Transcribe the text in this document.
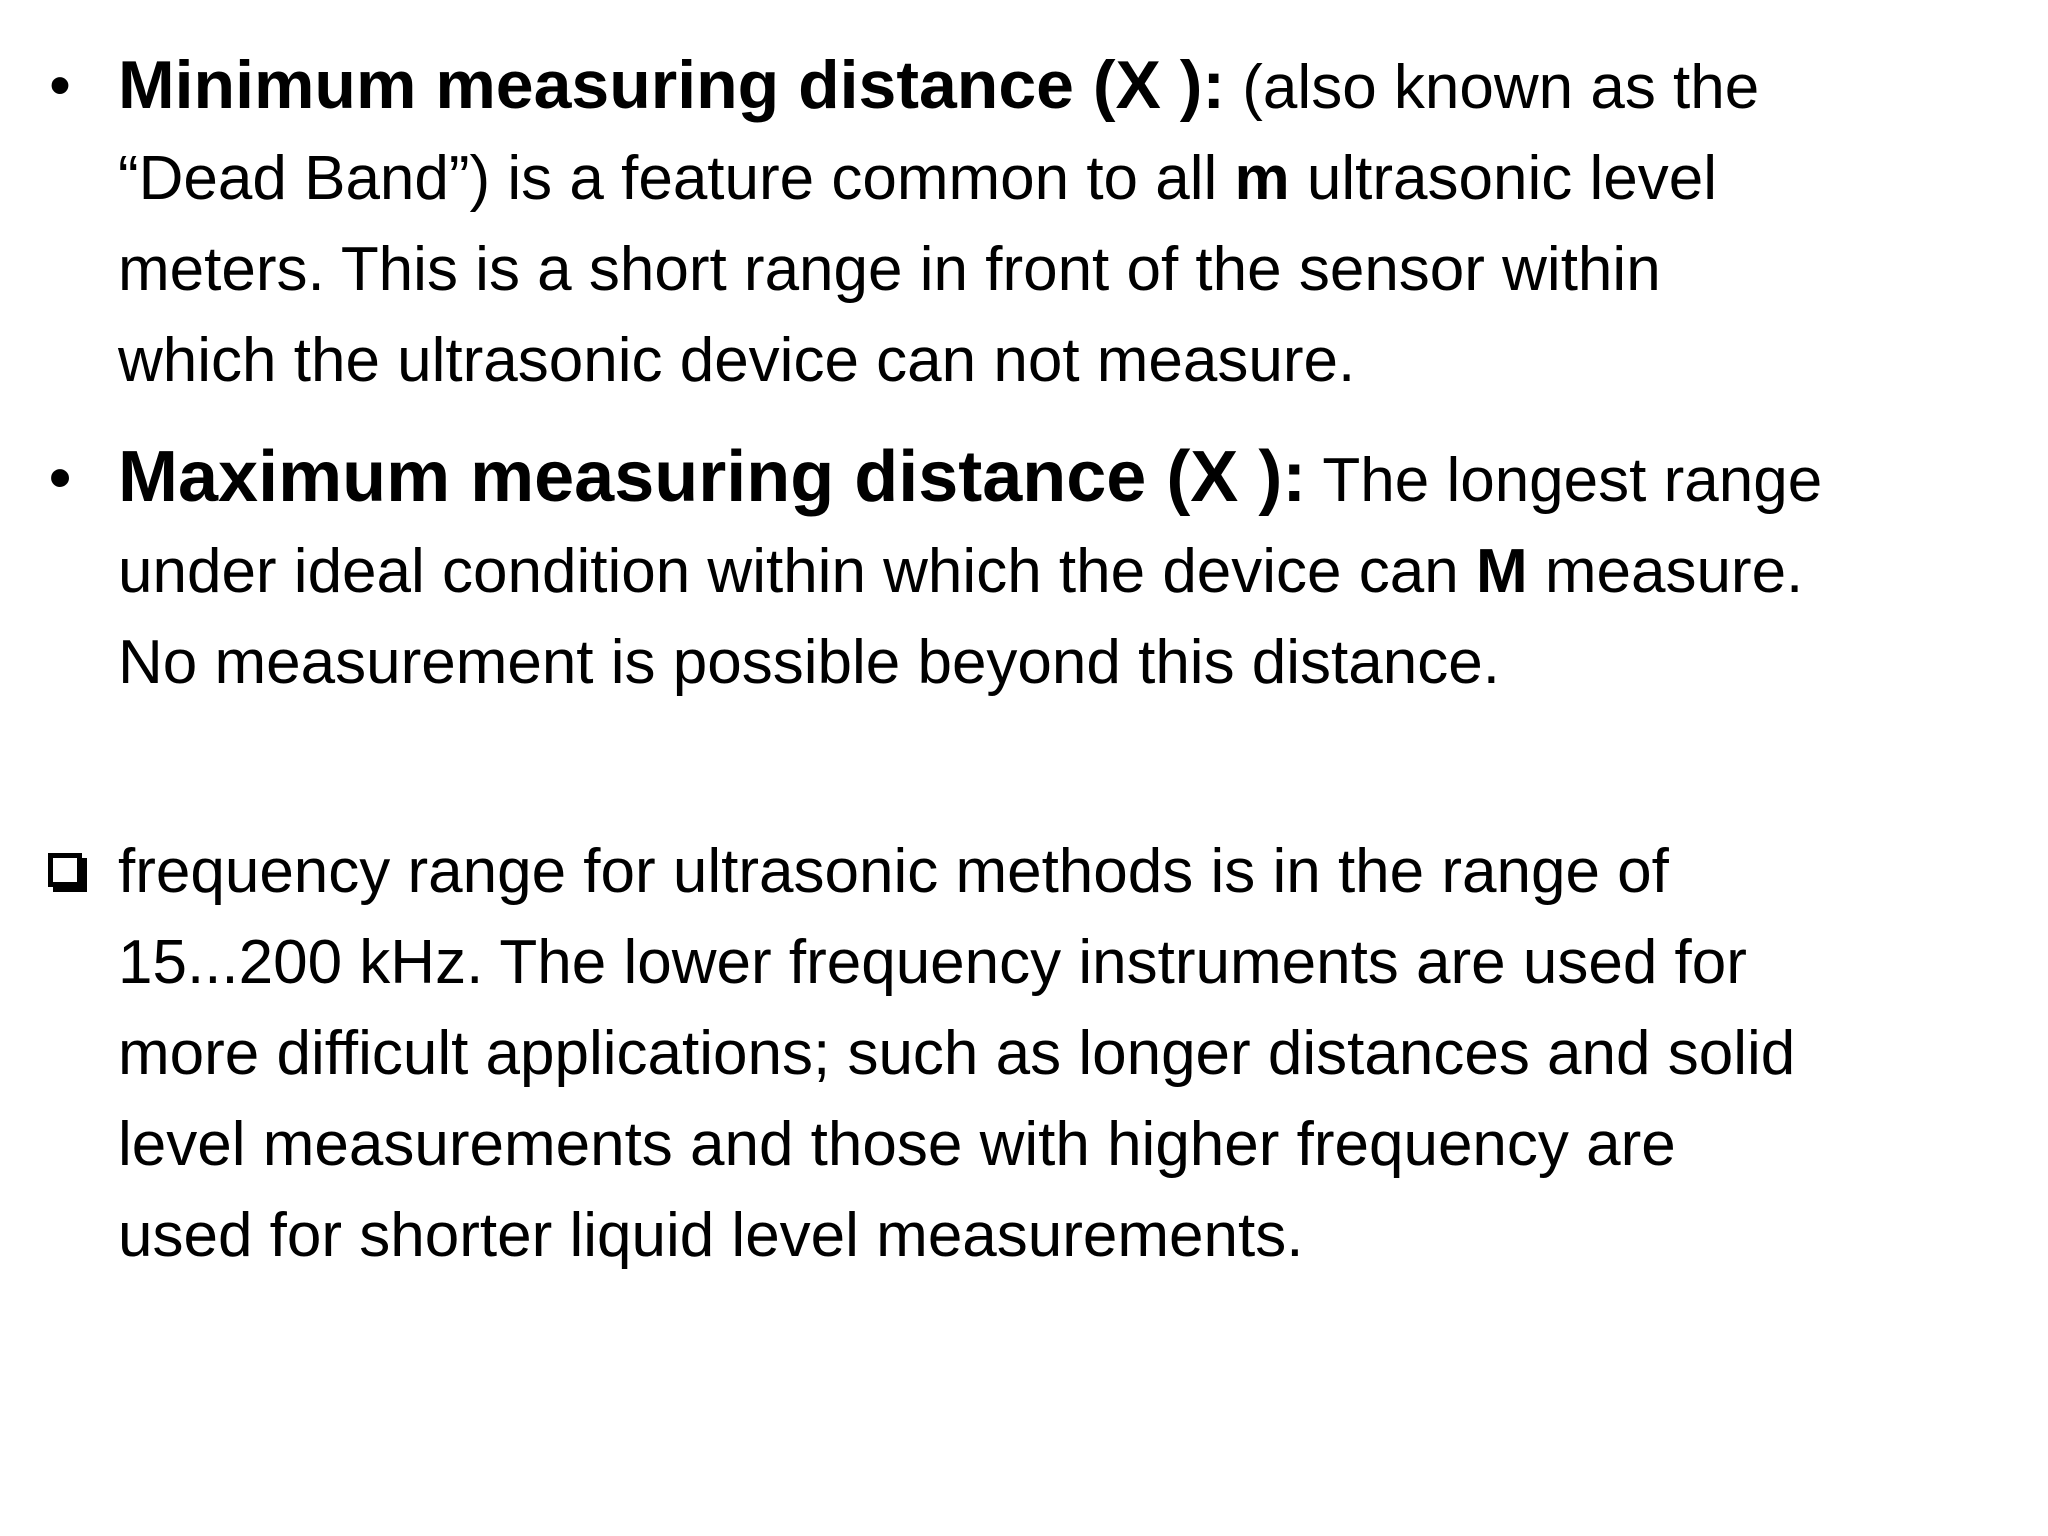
• Minimum measuring distance (X ): (also known as the
“Dead Band”) is a feature common to all m ultrasonic level
meters. This is a short range in front of the sensor within
which the ultrasonic device can not measure.
• Maximum measuring distance (X ): The longest range
under ideal condition within which the device can M measure.
No measurement is possible beyond this distance.
frequency range for ultrasonic methods is in the range of
15...200 kHz. The lower frequency instruments are used for
more difficult applications; such as longer distances and solid
level measurements and those with higher frequency are
used for shorter liquid level measurements.
